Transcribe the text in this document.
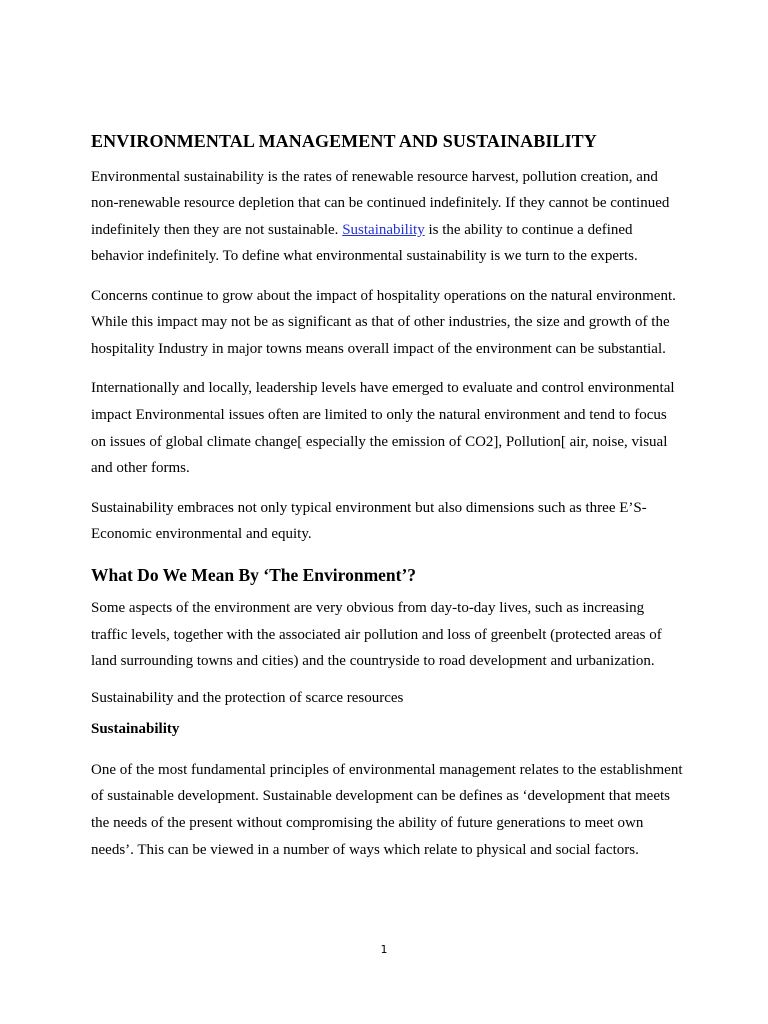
ENVIRONMENTAL MANAGEMENT AND SUSTAINABILITY

Environmental sustainability is the rates of renewable resource harvest, pollution creation, and non-renewable resource depletion that can be continued indefinitely. If they cannot be continued indefinitely then they are not sustainable. Sustainability is the ability to continue a defined behavior indefinitely. To define what environmental sustainability is we turn to the experts.

Concerns continue to grow about the impact of hospitality operations on the natural environment. While this impact may not be as significant as that of other industries, the size and growth of the hospitality Industry in major towns means overall impact of the environment can be substantial.

Internationally and locally, leadership levels have emerged to evaluate and control environmental impact Environmental issues often are limited to only the natural environment and tend to focus on issues of global climate change[ especially the emission of CO2], Pollution[ air, noise, visual and other forms.

Sustainability embraces not only typical environment but also dimensions such as three E’S- Economic environmental and equity.

What Do We Mean By ‘The Environment’?

Some aspects of the environment are very obvious from day-to-day lives, such as increasing traffic levels, together with the associated air pollution and loss of greenbelt (protected areas of land surrounding towns and cities) and the countryside to road development and urbanization.

Sustainability and the protection of scarce resources

Sustainability

One of the most fundamental principles of environmental management relates to the establishment of sustainable development. Sustainable development can be defines as ‘development that meets the needs of the present without compromising the ability of future generations to meet own needs’. This can be viewed in a number of ways which relate to physical and social factors.

1
